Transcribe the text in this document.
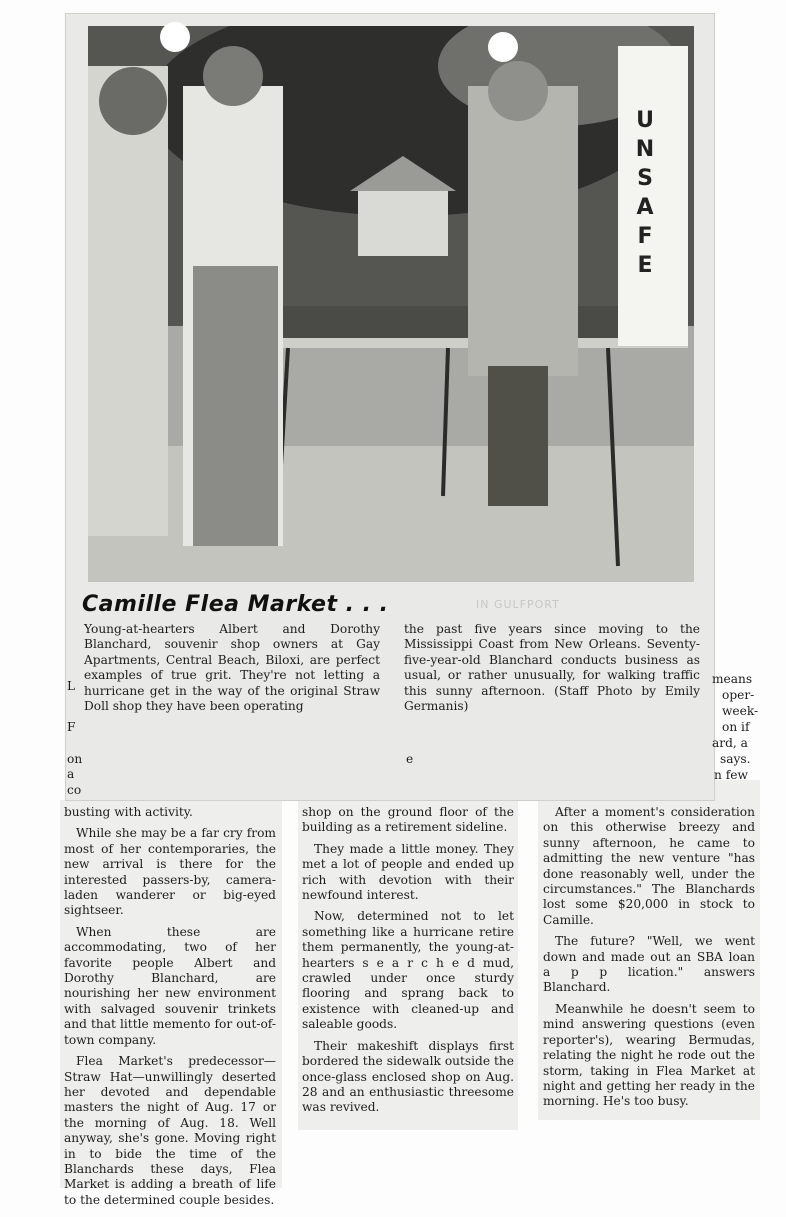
UNSAFE
IN GULFPORT
Camille Flea Market . . .
Young-at-hearters Albert and Dorothy Blanchard, souvenir shop owners at Gay Apartments, Central Beach, Biloxi, are perfect examples of true grit. They're not letting a hurricane get in the way of the original Straw Doll shop they have been operating
the past five years since moving to the Mississippi Coast from New Orleans. Seventy-five-year-old Blanchard conducts business as usual, or rather unusually, for walking traffic this sunny afternoon. (Staff Photo by Emily Germanis)
L
F
on
a
co
means
oper-
week-
on if
ard, a
says.
n few
e

busting with activity.

While she may be a far cry from most of her contemporaries, the new arrival is there for the interested passers-by, camera-laden wanderer or big-eyed sightseer.

When these are accommodating, two of her favorite people Albert and Dorothy Blanchard, are nourishing her new environment with salvaged souvenir trinkets and that little memento for out-of-town company.

Flea Market's predecessor—Straw Hat—unwillingly deserted her devoted and dependable masters the night of Aug. 17 or the morning of Aug. 18. Well anyway, she's gone. Moving right in to bide the time of the Blanchards these days, Flea Market is adding a breath of life to the determined couple besides.

shop on the ground floor of the building as a retirement sideline.

They made a little money. They met a lot of people and ended up rich with devotion with their newfound interest.

Now, determined not to let something like a hurricane retire them permanently, the young-at-hearters s e a r c h e d mud, crawled under once sturdy flooring and sprang back to existence with cleaned-up and saleable goods.

Their makeshift displays first bordered the sidewalk outside the once-glass enclosed shop on Aug. 28 and an enthusiastic threesome was revived.

After a moment's consideration on this otherwise breezy and sunny afternoon, he came to admitting the new venture "has done reasonably well, under the circumstances." The Blanchards lost some $20,000 in stock to Camille.

The future? "Well, we went down and made out an SBA loan a p p lication." answers Blanchard.

Meanwhile he doesn't seem to mind answering questions (even reporter's), wearing Bermudas, relating the night he rode out the storm, taking in Flea Market at night and getting her ready in the morning. He's too busy.
